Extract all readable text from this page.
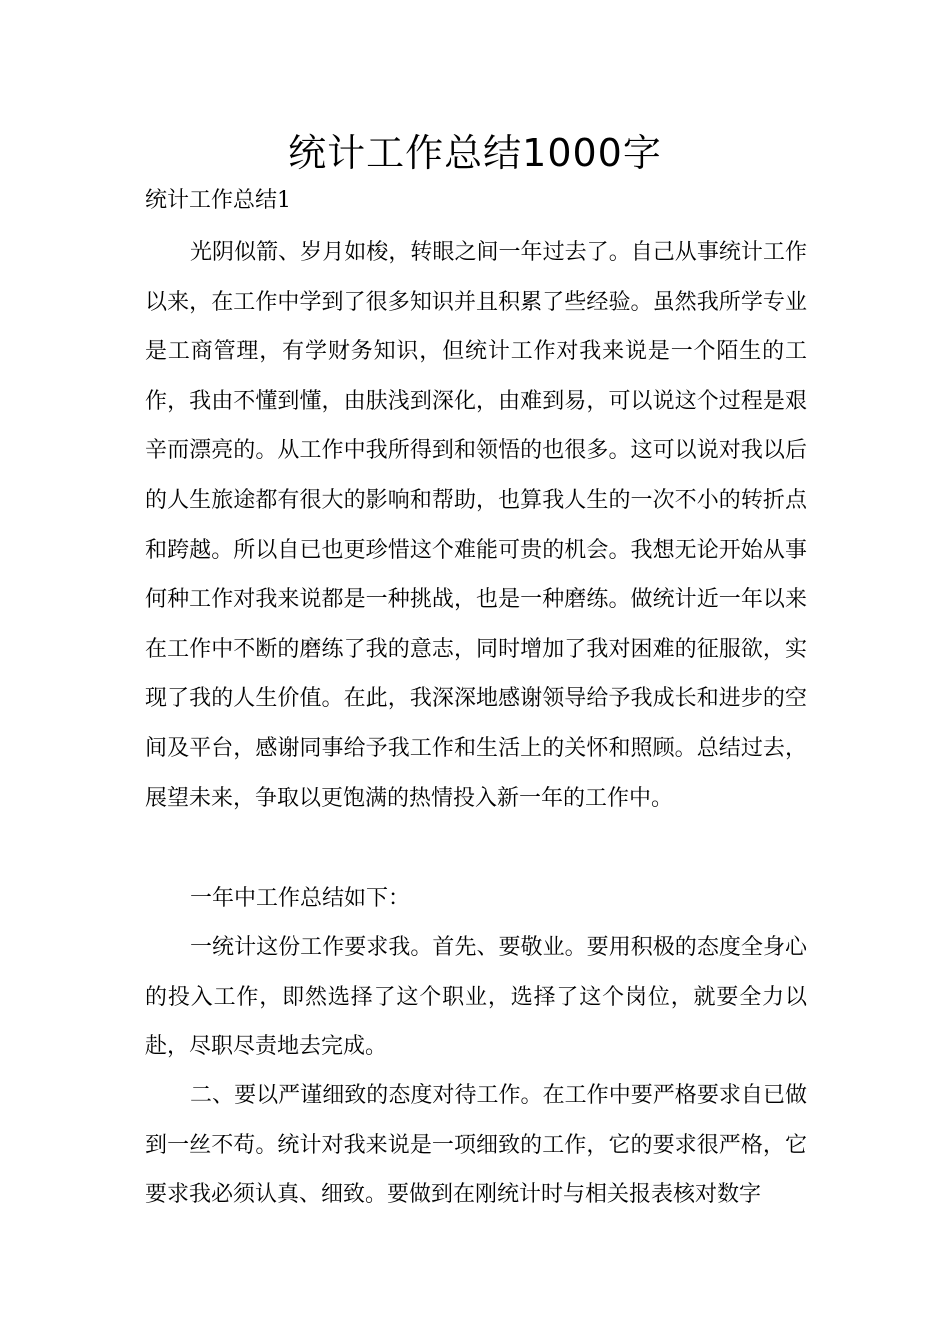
统计工作总结1000字

统计工作总结1

光阴似箭、岁月如梭，转眼之间一年过去了。自己从事统计工作以来，在工作中学到了很多知识并且积累了些经验。虽然我所学专业是工商管理，有学财务知识，但统计工作对我来说是一个陌生的工作，我由不懂到懂，由肤浅到深化，由难到易，可以说这个过程是艰辛而漂亮的。从工作中我所得到和领悟的也很多。这可以说对我以后的人生旅途都有很大的影响和帮助，也算我人生的一次不小的转折点和跨越。所以自已也更珍惜这个难能可贵的机会。我想无论开始从事何种工作对我来说都是一种挑战，也是一种磨练。做统计近一年以来在工作中不断的磨练了我的意志，同时增加了我对困难的征服欲，实现了我的人生价值。在此，我深深地感谢领导给予我成长和进步的空间及平台，感谢同事给予我工作和生活上的关怀和照顾。总结过去，展望未来，争取以更饱满的热情投入新一年的工作中。

一年中工作总结如下：

一统计这份工作要求我。首先、要敬业。要用积极的态度全身心的投入工作，即然选择了这个职业，选择了这个岗位，就要全力以赴，尽职尽责地去完成。

二、要以严谨细致的态度对待工作。在工作中要严格要求自已做到一丝不苟。统计对我来说是一项细致的工作，它的要求很严格，它要求我必须认真、细致。要做到在刚统计时与相关报表核对数字
